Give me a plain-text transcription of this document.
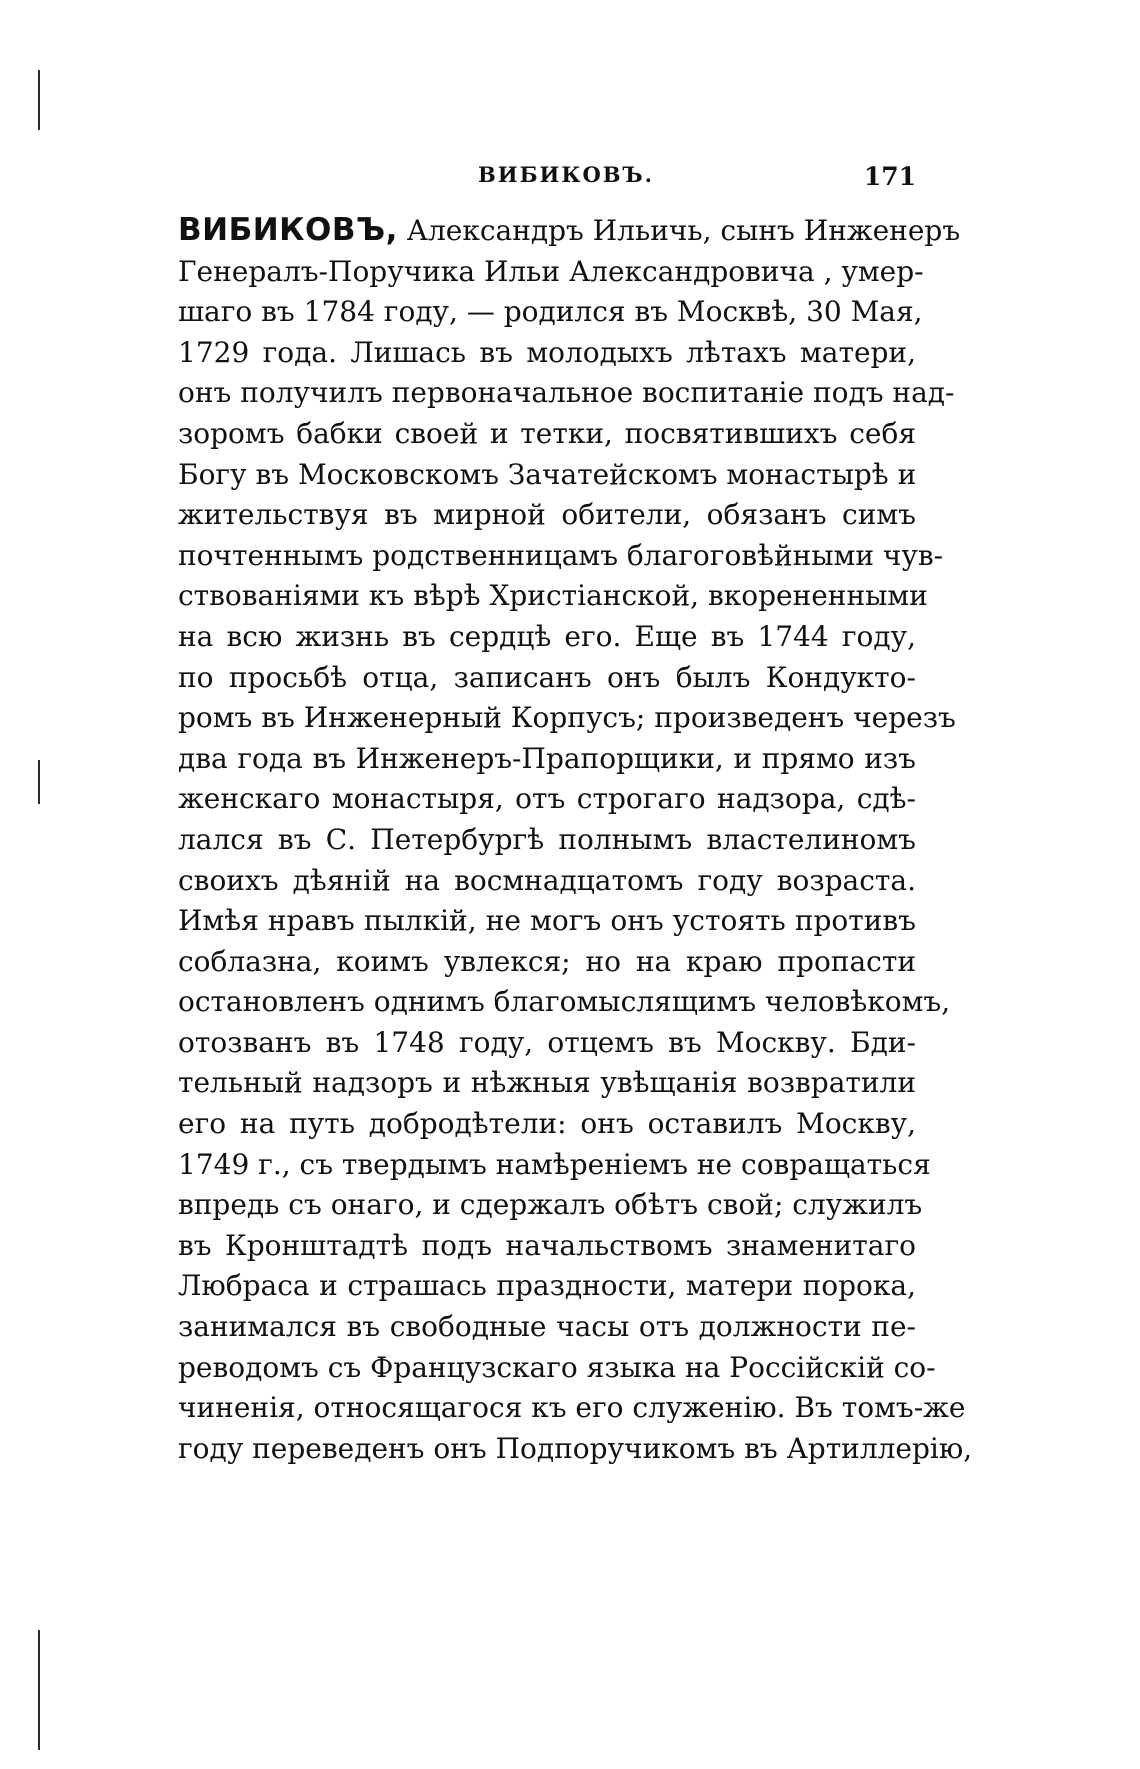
ВИБИКОВЪ.	171
ВИБИКОВЪ, Александръ Ильичь, сынъ Инженеръ
Генералъ-Поручика Ильи Александровича , умер-
шаго въ 1784 году, — родился въ Москвѣ, 30 Мая,
1729 года. Лишась въ молодыхъ лѣтахъ матери,
онъ получилъ первоначальное воспитаніе подъ над-
зоромъ бабки своей и тетки, посвятившихъ себя
Богу въ Московскомъ Зачатейскомъ монастырѣ и
жительствуя въ мирной обители, обязанъ симъ
почтеннымъ родственницамъ благоговѣйными чув-
ствованіями къ вѣрѣ Христіанской, вкорененными
на всю жизнь въ сердцѣ его. Еще въ 1744 году,
по просьбѣ отца, записанъ онъ былъ Кондукто-
ромъ въ Инженерный Корпусъ; произведенъ черезъ
два года въ Инженеръ-Прапорщики, и прямо изъ
женскаго монастыря, отъ строгаго надзора, сдѣ-
лался въ С. Петербургѣ полнымъ властелиномъ
своихъ дѣяній на восмнадцатомъ году возраста.
Имѣя нравъ пылкій, не могъ онъ устоять противъ
соблазна, коимъ увлекся; но на краю пропасти
остановленъ однимъ благомыслящимъ человѣкомъ,
отозванъ въ 1748 году, отцемъ въ Москву. Бди-
тельный надзоръ и нѣжныя увѣщанія возвратили
его на путь добродѣтели: онъ оставилъ Москву,
1749 г., съ твердымъ намѣреніемъ не совращаться
впредь съ онаго, и сдержалъ обѣтъ свой; служилъ
въ Кронштадтѣ подъ начальствомъ знаменитаго
Любраса и страшась праздности, матери порока,
занимался въ свободные часы отъ должности пе-
реводомъ съ Французскаго языка на Россійскій со-
чиненія, относящагося къ его служенію. Въ томъ-же
году переведенъ онъ Подпоручикомъ въ Артиллерію,
